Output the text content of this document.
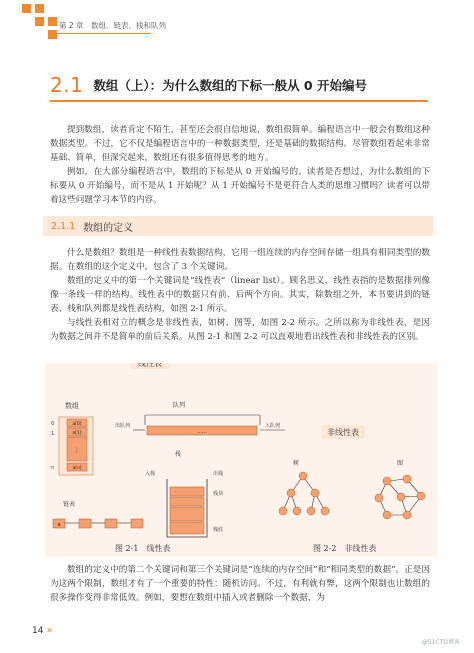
第 2 章　数组、链表、栈和队列
2.1 数组（上）：为什么数组的下标一般从 0 开始编号

提到数组，读者肯定不陌生，甚至还会很自信地说，数组很简单。编程语言中一般会有数组这种数据类型。不过，它不仅是编程语言中的一种数据类型，还是基础的数据结构。尽管数组看起来非常基础、简单，但深究起来，数组还有很多值得思考的地方。

例如，在大部分编程语言中，数组的下标是从 0 开始编号的。读者是否想过，为什么数组的下标要从 0 开始编号，而不是从 1 开始呢？从 1 开始编号不是更符合人类的思维习惯吗？读者可以带着这些问题学习本节的内容。

2.1.1 数组的定义

什么是数组？数组是一种线性表数据结构，它用一组连续的内存空间存储一组具有相同类型的数据。在数组的这个定义中，包含了 3 个关键词。

数组的定义中的第一个关键词是“线性表”（linear list）。顾名思义，线性表指的是数据排列像像一条线一样的结构。线性表中的数据只有前、后两个方向。其实，除数组之外，本书要讲到的链表、栈和队列都是线性表结构，如图 2-1 所示。

与线性表相对立的概念是非线性表，如树、图等，如图 2-2 所示。之所以称为非线性表，是因为数据之间并不是简单的前后关系。从图 2-1 和图 2-2 可以直观地看出线性表和非线性表的区别。

线性表
数组
0
1
n
a[0]
a[1]
⋮
a[n]
队列
出队列
……
入队列
栈
入栈	出栈
栈顶
栈底
链表
a
非线性表
树	图
图 2-1　线性表	图 2-2　非线性表

数组的定义中的第二个关键词和第三个关键词是“连续的内存空间”和“相同类型的数据”。正是因为这两个限制，数组才有了一个重要的特性：随机访问。不过，有利就有弊，这两个限制也让数组的很多操作变得非常低效。例如，要想在数组中插入或者删除一个数据，为

14 »
@51CTO博客
